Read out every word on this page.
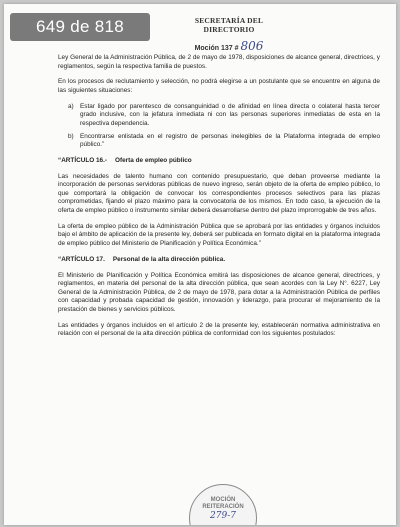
649 de 818	SECRETARÍA DEL DIRECTORIO
Moción 137 # 806

Ley General de la Administración Pública, de 2 de mayo de 1978, disposiciones de alcance general, directrices, y reglamentos, según la respectiva familia de puestos.

En los procesos de reclutamiento y selección, no podrá elegirse a un postulante que se encuentre en alguna de las siguientes situaciones:

a) Estar ligado por parentesco de consanguinidad o de afinidad en línea directa o colateral hasta tercer grado inclusive, con la jefatura inmediata ni con las personas superiores inmediatas de esta en la respectiva dependencia.
b) Encontrarse enlistada en el registro de personas inelegibles de la Plataforma integrada de empleo público.”

“ARTÍCULO 16.- Oferta de empleo público

Las necesidades de talento humano con contenido presupuestario, que deban proveerse mediante la incorporación de personas servidoras públicas de nuevo ingreso, serán objeto de la oferta de empleo público, lo que comportará la obligación de convocar los correspondientes procesos selectivos para las plazas comprometidas, fijando el plazo máximo para la convocatoria de los mismos. En todo caso, la ejecución de la oferta de empleo público o instrumento similar deberá desarrollarse dentro del plazo improrrogable de tres años.

La oferta de empleo público de la Administración Pública que se aprobará por las entidades y órganos incluidos bajo el ámbito de aplicación de la presente ley, deberá ser publicada en formato digital en la plataforma integrada de empleo público del Ministerio de Planificación y Política Económica.”

“ARTÍCULO 17. Personal de la alta dirección pública.

El Ministerio de Planificación y Política Económica emitirá las disposiciones de alcance general, directrices, y reglamentos, en materia del personal de la alta dirección pública, que sean acordes con la Ley N°. 6227, Ley General de la Administración Pública, de 2 de mayo de 1978, para dotar a la Administración Pública de perfiles con capacidad y probada capacidad de gestión, innovación y liderazgo, para procurar el mejoramiento de la prestación de bienes y servicios públicos.

Las entidades y órganos incluidos en el artículo 2 de la presente ley, establecerán normativa administrativa en relación con el personal de la alta dirección pública de conformidad con los siguientes postulados:

MOCIÓN
REITERACIÓN
279-7
